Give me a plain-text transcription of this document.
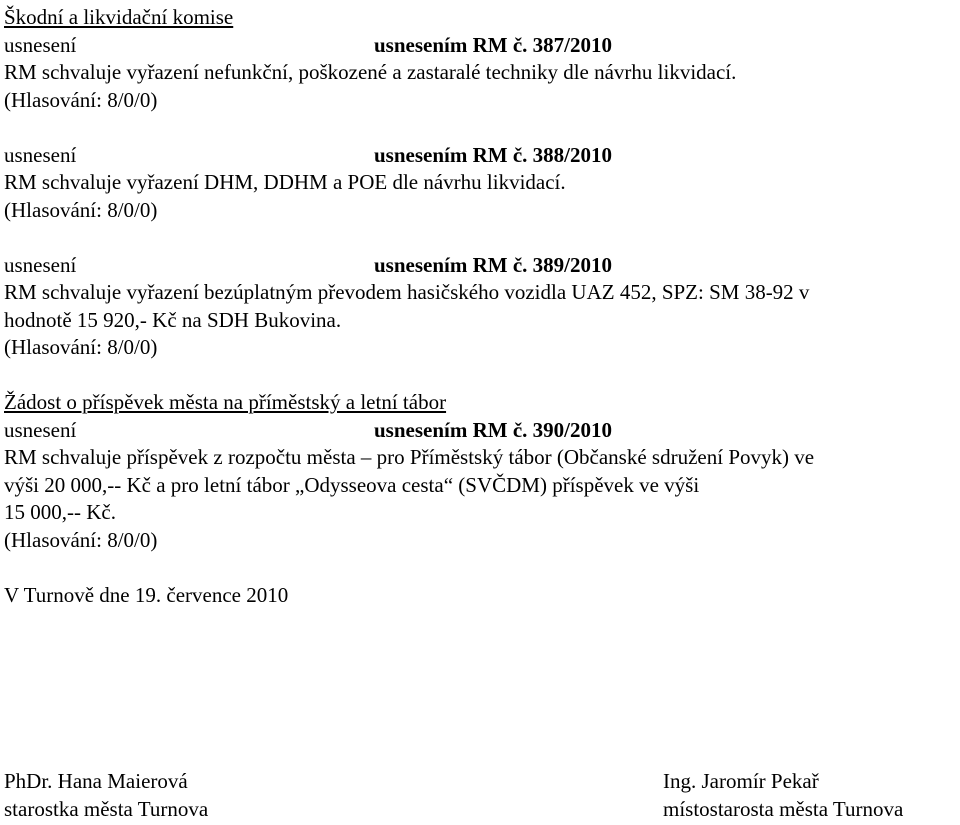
Škodní a likvidační komise
usnesení	usnesením RM č. 387/2010
RM schvaluje vyřazení nefunkční, poškozené a zastaralé techniky dle návrhu likvidací.
(Hlasování: 8/0/0)
usnesení	usnesením RM č. 388/2010
RM schvaluje vyřazení DHM, DDHM a POE dle návrhu likvidací.
(Hlasování: 8/0/0)
usnesení	usnesením RM č. 389/2010
RM schvaluje vyřazení bezúplatným převodem hasičského vozidla UAZ 452, SPZ: SM 38-92 v
hodnotě 15 920,- Kč na SDH Bukovina.
(Hlasování: 8/0/0)
Žádost o příspěvek města na příměstský a letní tábor
usnesení	usnesením RM č. 390/2010
RM schvaluje příspěvek z rozpočtu města – pro Příměstský tábor (Občanské sdružení Povyk) ve
výši 20 000,-- Kč a pro letní tábor „Odysseova cesta“ (SVČDM) příspěvek ve výši
15 000,-- Kč.
(Hlasování: 8/0/0)
V Turnově dne 19. července 2010
PhDr. Hana Maierová
starostka města Turnova
Ing. Jaromír Pekař
místostarosta města Turnova
